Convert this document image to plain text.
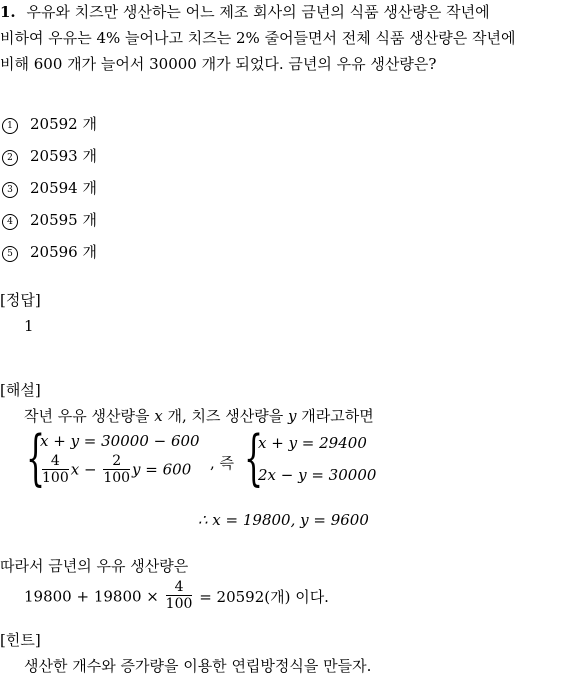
1. 우유와 치즈만 생산하는 어느 제조 회사의 금년의 식품 생산량은 작년에
비하여 우유는 4% 늘어나고 치즈는 2% 줄어들면서 전체 식품 생산량은 작년에
비해 600 개가 늘어서 30000 개가 되었다. 금년의 우유 생산량은?
1 20592 개
2 20593 개
3 20594 개
4 20595 개
5 20596 개
[정답]
1
[해설]
작년 우유 생산량을 x 개, 치즈 생산량을 y 개라고하면
{
x + y = 30000 − 600
$\frac{4}{100}$ $x - \frac{2}{100}$ y = 600 , 즉 {
x + y = 29400
2x − y = 30000
∴ x = 19800, y = 9600
따라서 금년의 우유 생산량은
$19800 + 19800 \times \frac{4}{100} = 20592$(개) 이다.
[힌트]
생산한 개수와 증가량을 이용한 연립방정식을 만들자.
